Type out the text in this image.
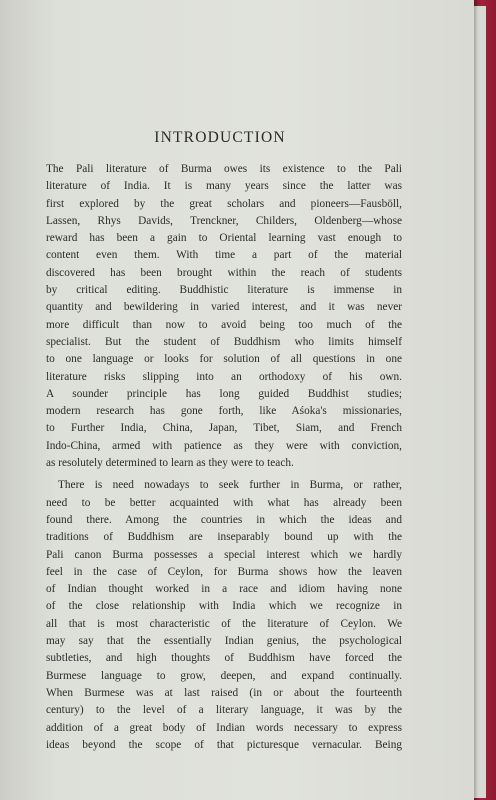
INTRODUCTION
The Pali literature of Burma owes its existence to the Pali
literature of India. It is many years since the latter was
first explored by the great scholars and pioneers—Fausböll,
Lassen, Rhys Davids, Trenckner, Childers, Oldenberg—whose
reward has been a gain to Oriental learning vast enough to
content even them. With time a part of the material
discovered has been brought within the reach of students
by critical editing. Buddhistic literature is immense in
quantity and bewildering in varied interest, and it was never
more difficult than now to avoid being too much of the
specialist. But the student of Buddhism who limits himself
to one language or looks for solution of all questions in one
literature risks slipping into an orthodoxy of his own.
A sounder principle has long guided Buddhist studies;
modern research has gone forth, like Aśoka's missionaries,
to Further India, China, Japan, Tibet, Siam, and French
Indo-China, armed with patience as they were with conviction,
as resolutely determined to learn as they were to teach.
There is need nowadays to seek further in Burma, or rather,
need to be better acquainted with what has already been
found there. Among the countries in which the ideas and
traditions of Buddhism are inseparably bound up with the
Pali canon Burma possesses a special interest which we hardly
feel in the case of Ceylon, for Burma shows how the leaven
of Indian thought worked in a race and idiom having none
of the close relationship with India which we recognize in
all that is most characteristic of the literature of Ceylon. We
may say that the essentially Indian genius, the psychological
subtleties, and high thoughts of Buddhism have forced the
Burmese language to grow, deepen, and expand continually.
When Burmese was at last raised (in or about the fourteenth
century) to the level of a literary language, it was by the
addition of a great body of Indian words necessary to express
ideas beyond the scope of that picturesque vernacular. Being
